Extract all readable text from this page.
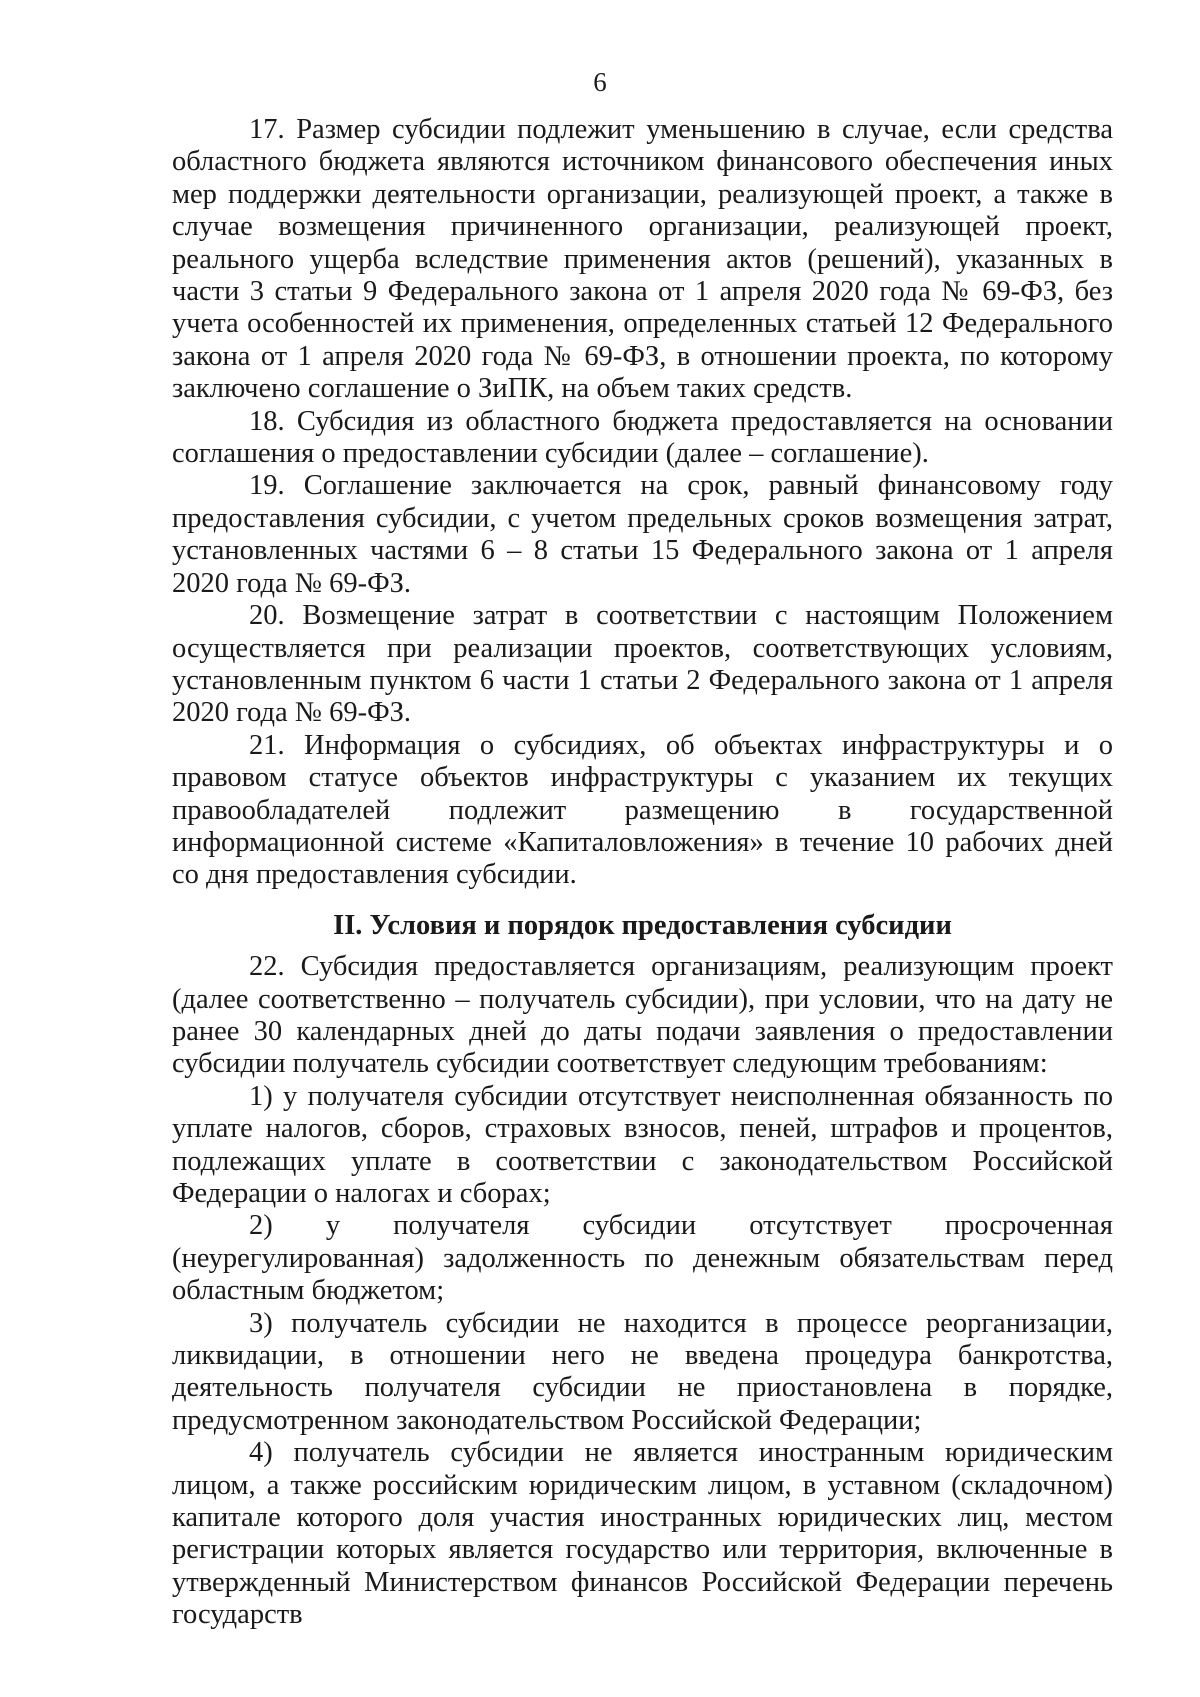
6

17. Размер субсидии подлежит уменьшению в случае, если средства областного бюджета являются источником финансового обеспечения иных мер поддержки деятельности организации, реализующей проект, а также в случае возмещения причиненного организации, реализующей проект, реального ущерба вследствие применения актов (решений), указанных в части 3 статьи 9 Федерального закона от 1 апреля 2020 года № 69-ФЗ, без учета особенностей их применения, определенных статьей 12 Федерального закона от 1 апреля 2020 года № 69-ФЗ, в отношении проекта, по которому заключено соглашение о ЗиПК, на объем таких средств.

18. Субсидия из областного бюджета предоставляется на основании соглашения о предоставлении субсидии (далее – соглашение).

19. Соглашение заключается на срок, равный финансовому году предоставления субсидии, с учетом предельных сроков возмещения затрат, установленных частями 6 – 8 статьи 15 Федерального закона от 1 апреля 2020 года № 69-ФЗ.

20. Возмещение затрат в соответствии с настоящим Положением осуществляется при реализации проектов, соответствующих условиям, установленным пунктом 6 части 1 статьи 2 Федерального закона от 1 апреля 2020 года № 69-ФЗ.

21. Информация о субсидиях, об объектах инфраструктуры и о правовом статусе объектов инфраструктуры с указанием их текущих правообладателей подлежит размещению в государственной информационной системе «Капиталовложения» в течение 10 рабочих дней со дня предоставления субсидии.

II. Условия и порядок предоставления субсидии

22. Субсидия предоставляется организациям, реализующим проект (далее соответственно – получатель субсидии), при условии, что на дату не ранее 30 календарных дней до даты подачи заявления о предоставлении субсидии получатель субсидии соответствует следующим требованиям:

1) у получателя субсидии отсутствует неисполненная обязанность по уплате налогов, сборов, страховых взносов, пеней, штрафов и процентов, подлежащих уплате в соответствии с законодательством Российской Федерации о налогах и сборах;

2) у получателя субсидии отсутствует просроченная (неурегулированная) задолженность по денежным обязательствам перед областным бюджетом;

3) получатель субсидии не находится в процессе реорганизации, ликвидации, в отношении него не введена процедура банкротства, деятельность получателя субсидии не приостановлена в порядке, предусмотренном законодательством Российской Федерации;

4) получатель субсидии не является иностранным юридическим лицом, а также российским юридическим лицом, в уставном (складочном) капитале которого доля участия иностранных юридических лиц, местом регистрации которых является государство или территория, включенные в утвержденный Министерством финансов Российской Федерации перечень государств
